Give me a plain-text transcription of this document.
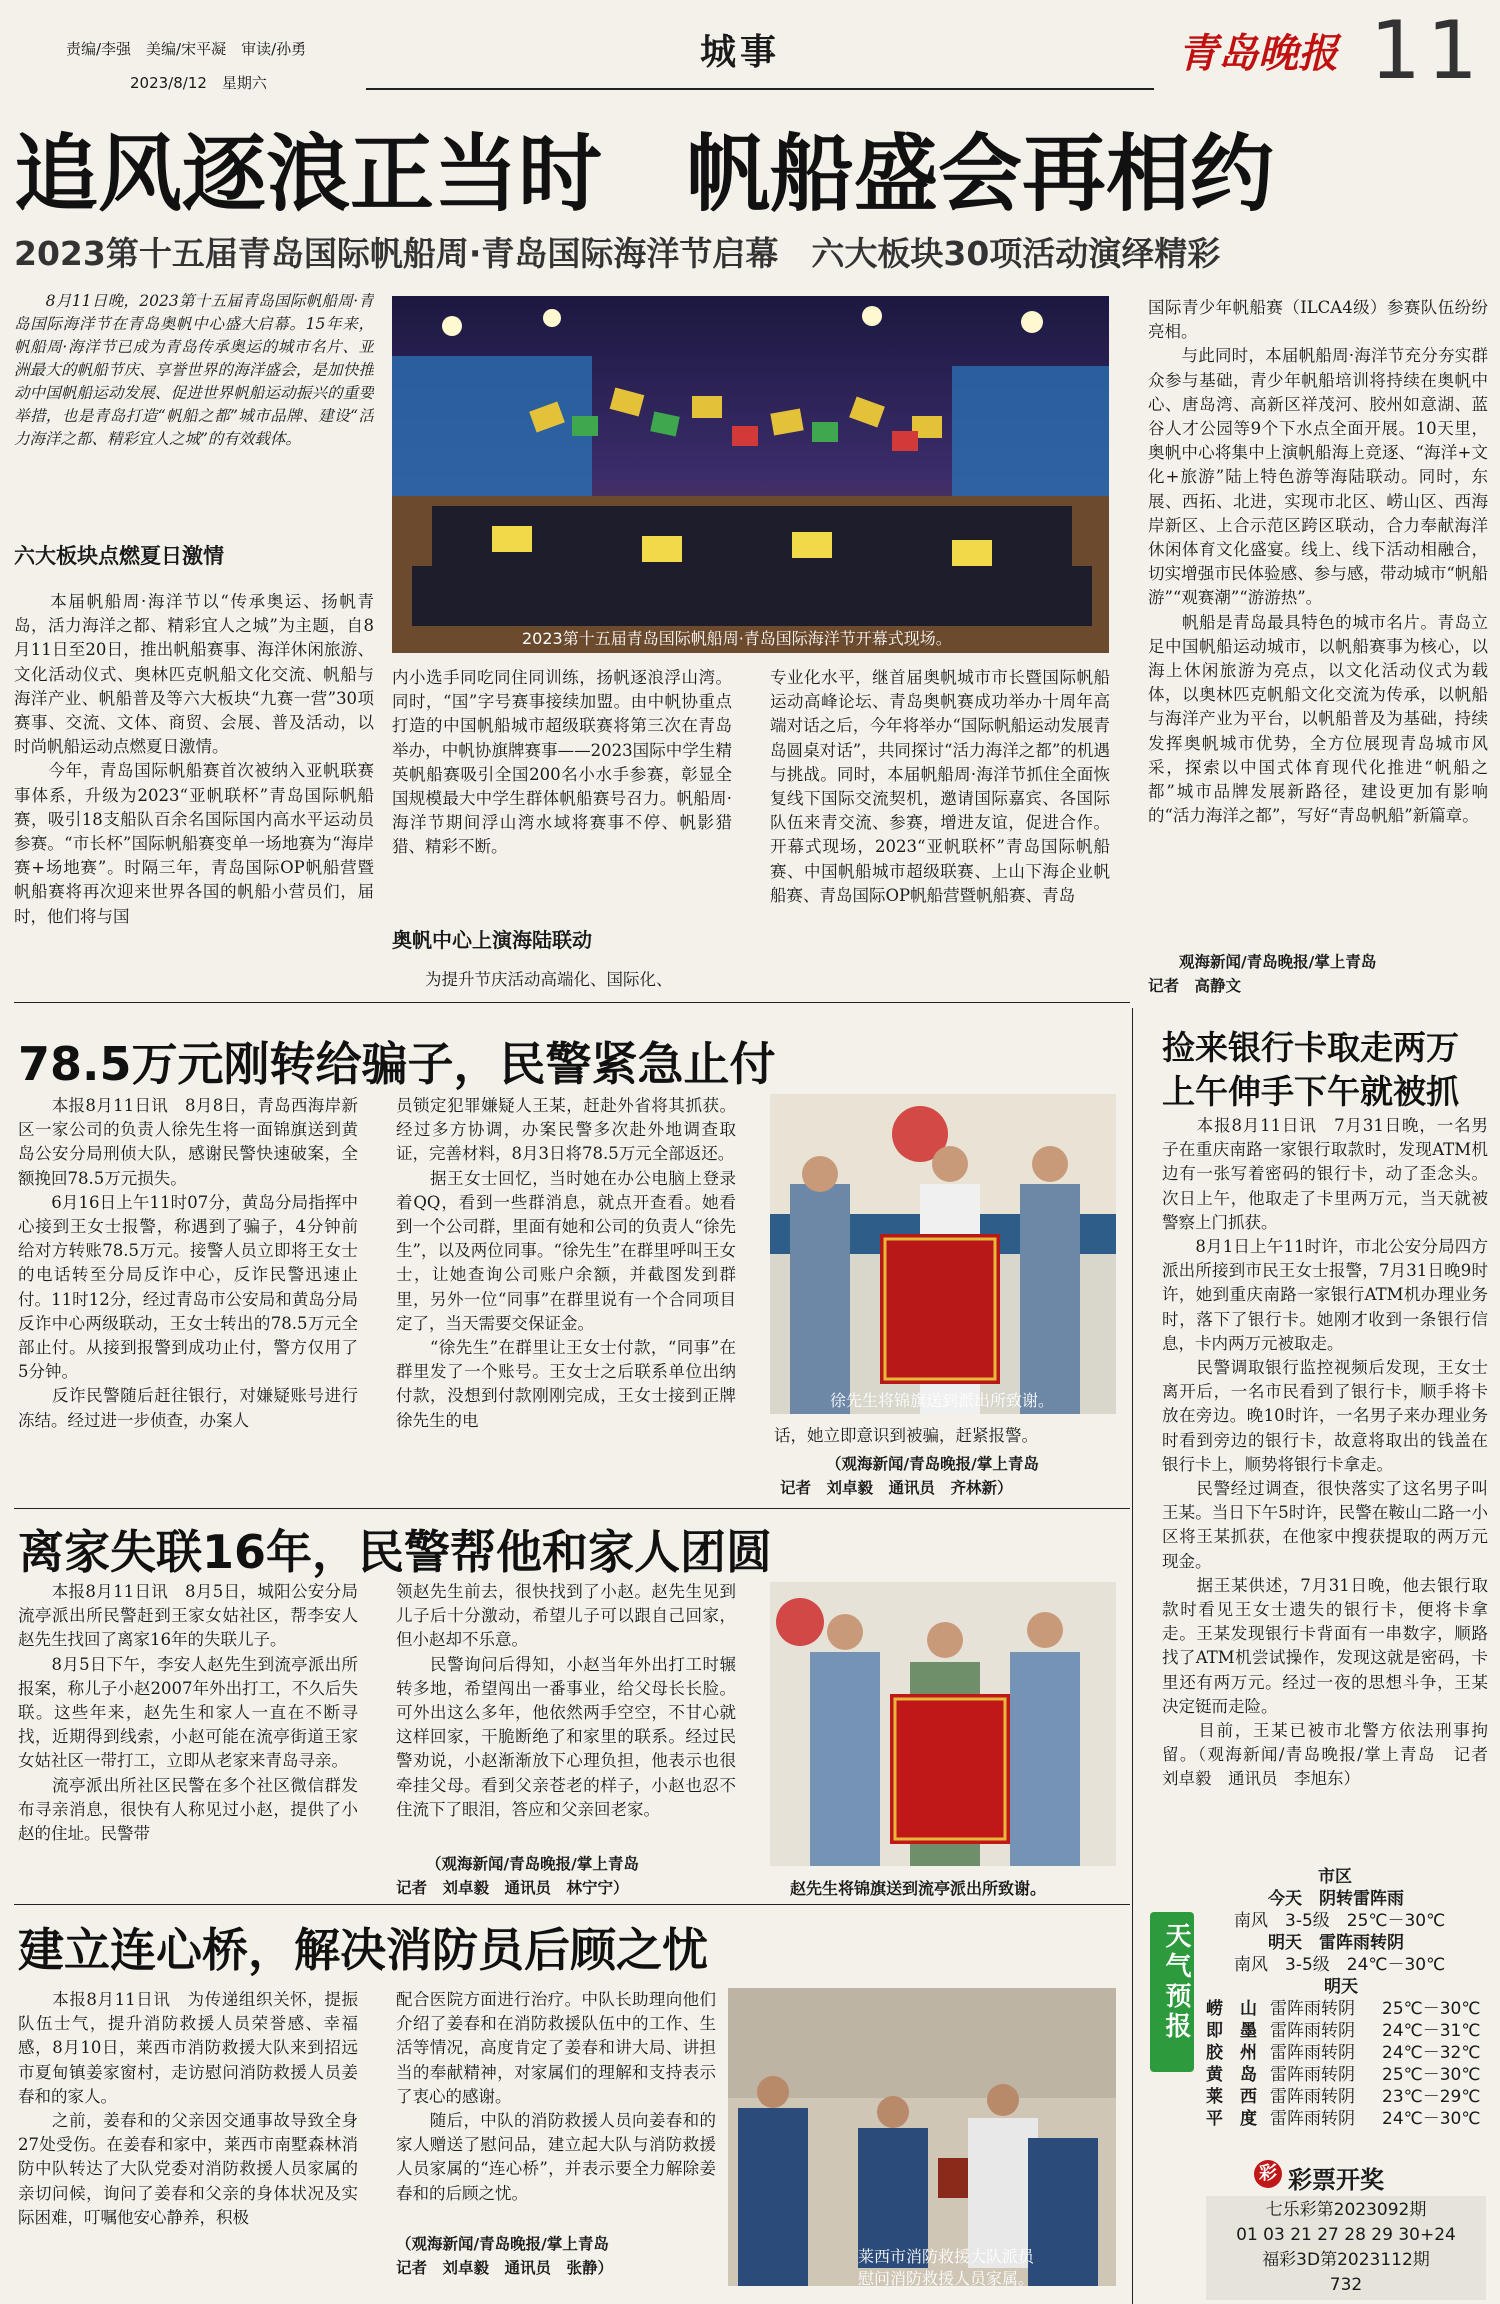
责编/李强　美编/宋平凝　审读/孙勇
2023/8/12　星期六
城事	青岛晚报 11
追风逐浪正当时　帆船盛会再相约
2023第十五届青岛国际帆船周·青岛国际海洋节启幕　六大板块30项活动演绎精彩
　　8月11日晚，2023第十五届青岛国际帆船周·青岛国际海洋节在青岛奥帆中心盛大启幕。15年来，帆船周·海洋节已成为青岛传承奥运的城市名片、亚洲最大的帆船节庆、享誉世界的海洋盛会，是加快推动中国帆船运动发展、促进世界帆船运动振兴的重要举措，也是青岛打造“帆船之都”城市品牌、建设“活力海洋之都、精彩宜人之城”的有效载体。
六大板块点燃夏日激情
　　本届帆船周·海洋节以“传承奥运、扬帆青岛，活力海洋之都、精彩宜人之城”为主题，自8月11日至20日，推出帆船赛事、海洋休闲旅游、文化活动仪式、奥林匹克帆船文化交流、帆船与海洋产业、帆船普及等六大板块“九赛一营”30项赛事、交流、文体、商贸、会展、普及活动，以时尚帆船运动点燃夏日激情。
　　今年，青岛国际帆船赛首次被纳入亚帆联赛事体系，升级为2023“亚帆联杯”青岛国际帆船赛，吸引18支船队百余名国际国内高水平运动员参赛。“市长杯”国际帆船赛变单一场地赛为“海岸赛+场地赛”。时隔三年，青岛国际OP帆船营暨帆船赛将再次迎来世界各国的帆船小营员们，届时，他们将与国
2023第十五届青岛国际帆船周·青岛国际海洋节开幕式现场。
内小选手同吃同住同训练，扬帆逐浪浮山湾。同时，“国”字号赛事接续加盟。由中帆协重点打造的中国帆船城市超级联赛将第三次在青岛举办，中帆协旗牌赛事——2023国际中学生精英帆船赛吸引全国200名小水手参赛，彰显全国规模最大中学生群体帆船赛号召力。帆船周·海洋节期间浮山湾水域将赛事不停、帆影猎猎、精彩不断。
奥帆中心上演海陆联动
　　为提升节庆活动高端化、国际化、
专业化水平，继首届奥帆城市市长暨国际帆船运动高峰论坛、青岛奥帆赛成功举办十周年高端对话之后，今年将举办“国际帆船运动发展青岛圆桌对话”，共同探讨“活力海洋之都”的机遇与挑战。同时，本届帆船周·海洋节抓住全面恢复线下国际交流契机，邀请国际嘉宾、各国际队伍来青交流、参赛，增进友谊，促进合作。开幕式现场，2023“亚帆联杯”青岛国际帆船赛、中国帆船城市超级联赛、上山下海企业帆船赛、青岛国际OP帆船营暨帆船赛、青岛
国际青少年帆船赛（ILCA4级）参赛队伍纷纷亮相。
　　与此同时，本届帆船周·海洋节充分夯实群众参与基础，青少年帆船培训将持续在奥帆中心、唐岛湾、高新区祥茂河、胶州如意湖、蓝谷人才公园等9个下水点全面开展。10天里，奥帆中心将集中上演帆船海上竞逐、“海洋+文化+旅游”陆上特色游等海陆联动。同时，东展、西拓、北进，实现市北区、崂山区、西海岸新区、上合示范区跨区联动，合力奉献海洋休闲体育文化盛宴。线上、线下活动相融合，切实增强市民体验感、参与感，带动城市“帆船游”“观赛潮”“游游热”。
　　帆船是青岛最具特色的城市名片。青岛立足中国帆船运动城市，以帆船赛事为核心，以海上休闲旅游为亮点，以文化活动仪式为载体，以奥林匹克帆船文化交流为传承，以帆船与海洋产业为平台，以帆船普及为基础，持续发挥奥帆城市优势，全方位展现青岛城市风采，探索以中国式体育现代化推进“帆船之都”城市品牌发展新路径，建设更加有影响的“活力海洋之都”，写好“青岛帆船”新篇章。
　　观海新闻/青岛晚报/掌上青岛
记者　高静文
78.5万元刚转给骗子，民警紧急止付
　　本报8月11日讯　8月8日，青岛西海岸新区一家公司的负责人徐先生将一面锦旗送到黄岛公安分局刑侦大队，感谢民警快速破案，全额挽回78.5万元损失。
　　6月16日上午11时07分，黄岛分局指挥中心接到王女士报警，称遇到了骗子，4分钟前给对方转账78.5万元。接警人员立即将王女士的电话转至分局反诈中心，反诈民警迅速止付。11时12分，经过青岛市公安局和黄岛分局反诈中心两级联动，王女士转出的78.5万元全部止付。从接到报警到成功止付，警方仅用了5分钟。
　　反诈民警随后赶往银行，对嫌疑账号进行冻结。经过进一步侦查，办案人
员锁定犯罪嫌疑人王某，赶赴外省将其抓获。经过多方协调，办案民警多次赴外地调查取证，完善材料，8月3日将78.5万元全部返还。
　　据王女士回忆，当时她在办公电脑上登录着QQ，看到一些群消息，就点开查看。她看到一个公司群，里面有她和公司的负责人“徐先生”，以及两位同事。“徐先生”在群里呼叫王女士，让她查询公司账户余额，并截图发到群里，另外一位“同事”在群里说有一个合同项目定了，当天需要交保证金。
　　“徐先生”在群里让王女士付款，“同事”在群里发了一个账号。王女士之后联系单位出纳付款，没想到付款刚刚完成，王女士接到正牌徐先生的电
徐先生将锦旗送到派出所致谢。
话，她立即意识到被骗，赶紧报警。
（观海新闻/青岛晚报/掌上青岛
记者　刘卓毅　通讯员　齐林新）
捡来银行卡取走两万
上午伸手下午就被抓
　　本报8月11日讯　7月31日晚，一名男子在重庆南路一家银行取款时，发现ATM机边有一张写着密码的银行卡，动了歪念头。次日上午，他取走了卡里两万元，当天就被警察上门抓获。
　　8月1日上午11时许，市北公安分局四方派出所接到市民王女士报警，7月31日晚9时许，她到重庆南路一家银行ATM机办理业务时，落下了银行卡。她刚才收到一条银行信息，卡内两万元被取走。
　　民警调取银行监控视频后发现，王女士离开后，一名市民看到了银行卡，顺手将卡放在旁边。晚10时许，一名男子来办理业务时看到旁边的银行卡，故意将取出的钱盖在银行卡上，顺势将银行卡拿走。
　　民警经过调查，很快落实了这名男子叫王某。当日下午5时许，民警在鞍山二路一小区将王某抓获，在他家中搜获提取的两万元现金。
　　据王某供述，7月31日晚，他去银行取款时看见王女士遗失的银行卡，便将卡拿走。王某发现银行卡背面有一串数字，顺路找了ATM机尝试操作，发现这就是密码，卡里还有两万元。经过一夜的思想斗争，王某决定铤而走险。
　　目前，王某已被市北警方依法刑事拘留。（观海新闻/青岛晚报/掌上青岛　记者　刘卓毅　通讯员　李旭东）
离家失联16年，民警帮他和家人团圆
　　本报8月11日讯　8月5日，城阳公安分局流亭派出所民警赶到王家女姑社区，帮李安人赵先生找回了离家16年的失联儿子。
　　8月5日下午，李安人赵先生到流亭派出所报案，称儿子小赵2007年外出打工，不久后失联。这些年来，赵先生和家人一直在不断寻找，近期得到线索，小赵可能在流亭街道王家女姑社区一带打工，立即从老家来青岛寻亲。
　　流亭派出所社区民警在多个社区微信群发布寻亲消息，很快有人称见过小赵，提供了小赵的住址。民警带
领赵先生前去，很快找到了小赵。赵先生见到儿子后十分激动，希望儿子可以跟自己回家，但小赵却不乐意。
　　民警询问后得知，小赵当年外出打工时辗转多地，希望闯出一番事业，给父母长长脸。可外出这么多年，他依然两手空空，不甘心就这样回家，干脆断绝了和家里的联系。经过民警劝说，小赵渐渐放下心理负担，他表示也很牵挂父母。看到父亲苍老的样子，小赵也忍不住流下了眼泪，答应和父亲回老家。
（观海新闻/青岛晚报/掌上青岛
记者　刘卓毅　通讯员　林宁宁）	赵先生将锦旗送到流亭派出所致谢。
建立连心桥，解决消防员后顾之忧
　　本报8月11日讯　为传递组织关怀，提振队伍士气，提升消防救援人员荣誉感、幸福感，8月10日，莱西市消防救援大队来到招远市夏甸镇姜家窗村，走访慰问消防救援人员姜春和的家人。
　　之前，姜春和的父亲因交通事故导致全身27处受伤。在姜春和家中，莱西市南墅森林消防中队转达了大队党委对消防救援人员家属的亲切问候，询问了姜春和父亲的身体状况及实际困难，叮嘱他安心静养，积极
配合医院方面进行治疗。中队长助理向他们介绍了姜春和在消防救援队伍中的工作、生活等情况，高度肯定了姜春和讲大局、讲担当的奉献精神，对家属们的理解和支持表示了衷心的感谢。
　　随后，中队的消防救援人员向姜春和的家人赠送了慰问品，建立起大队与消防救援人员家属的“连心桥”，并表示要全力解除姜春和的后顾之忧。
（观海新闻/青岛晚报/掌上青岛
记者　刘卓毅　通讯员　张静）
莱西市消防救援大队派员
慰问消防救援人员家属。
天气预报
市区
今天　阴转雷阵雨
南风　3-5级　25℃－30℃
明天　雷阵雨转阴
南风　3-5级　24℃－30℃
明天
崂　山 雷阵雨转阴	25℃－30℃
即　墨 雷阵雨转阴	24℃－31℃
胶　州 雷阵雨转阴	24℃－32℃
黄　岛 雷阵雨转阴	25℃－30℃
莱　西 雷阵雨转阴	23℃－29℃
平　度 雷阵雨转阴	24℃－30℃
彩 彩票开奖
七乐彩第2023092期
01 03 21 27 28 29 30+24
福彩3D第2023112期
732
